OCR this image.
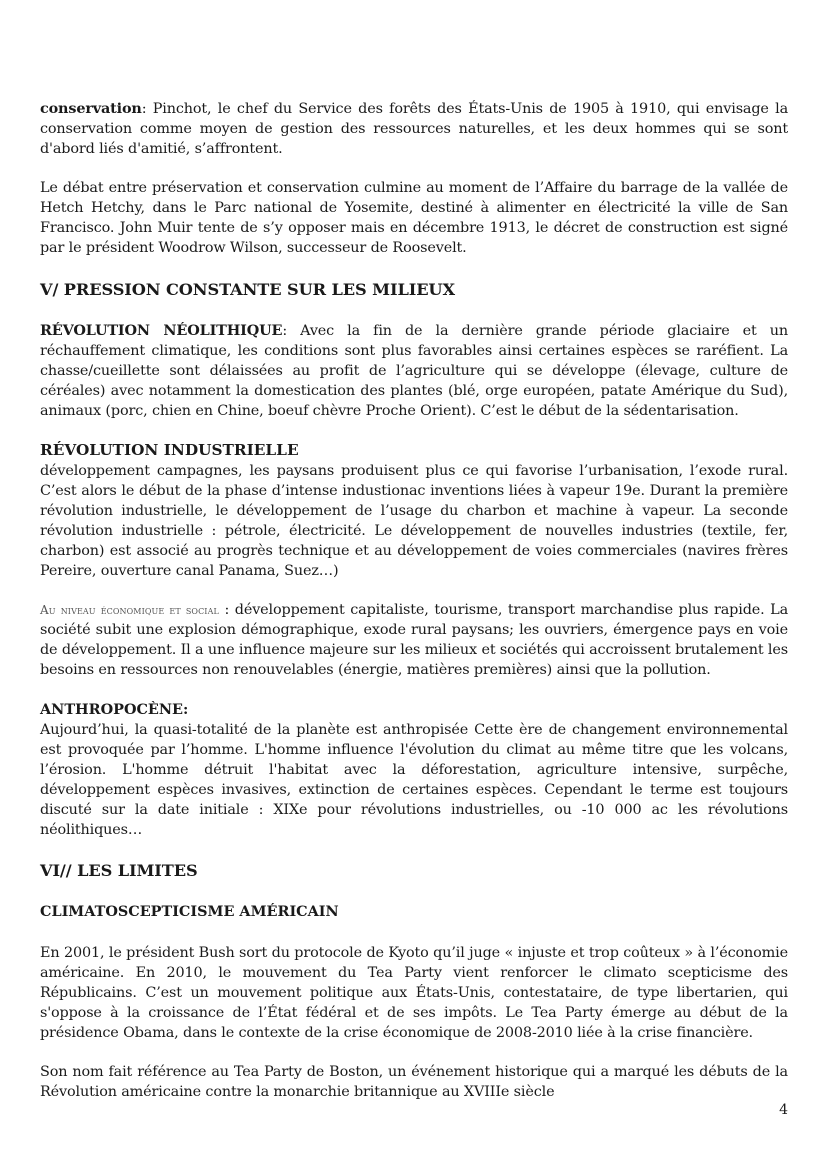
conservation: Pinchot, le chef du Service des forêts des États-Unis de 1905 à 1910, qui envisage la conservation comme moyen de gestion des ressources naturelles, et les deux hommes qui se sont d'abord liés d'amitié, s’affrontent.

Le débat entre préservation et conservation culmine au moment de l’Affaire du barrage de la vallée de Hetch Hetchy, dans le Parc national de Yosemite, destiné à alimenter en électricité la ville de San Francisco. John Muir tente de s’y opposer mais en décembre 1913, le décret de construction est signé par le président Woodrow Wilson, successeur de Roosevelt.

V/ PRESSION CONSTANTE SUR LES MILIEUX

RÉVOLUTION NÉOLITHIQUE: Avec la fin de la dernière grande période glaciaire et un réchauffement climatique, les conditions sont plus favorables ainsi certaines espèces se raréfient. La chasse/cueillette sont délaissées au profit de l’agriculture qui se développe (élevage, culture de céréales) avec notamment la domestication des plantes (blé, orge européen, patate Amérique du Sud), animaux (porc, chien en Chine, boeuf chèvre Proche Orient). C’est le début de la sédentarisation.

RÉVOLUTION INDUSTRIELLE

développement campagnes, les paysans produisent plus ce qui favorise l’urbanisation, l’exode rural. C’est alors le début de la phase d’intense industionac inventions liées à vapeur 19e. Durant la première révolution industrielle, le développement de l’usage du charbon et machine à vapeur. La seconde révolution industrielle : pétrole, électricité. Le développement de nouvelles industries (textile, fer, charbon) est associé au progrès technique et au développement de voies commerciales (navires frères Pereire, ouverture canal Panama, Suez…)

Au niveau économique et social : développement capitaliste, tourisme, transport marchandise plus rapide. La société subit une explosion démographique, exode rural paysans; les ouvriers, émergence pays en voie de développement. Il a une influence majeure sur les milieux et sociétés qui accroissent brutalement les besoins en ressources non renouvelables (énergie, matières premières) ainsi que la pollution.

ANTHROPOCÈNE:

Aujourd’hui, la quasi-totalité de la planète est anthropisée Cette ère de changement environnemental est provoquée par l’homme. L'homme influence l'évolution du climat au même titre que les volcans, l’érosion. L'homme détruit l'habitat avec la déforestation, agriculture intensive, surpêche, développement espèces invasives, extinction de certaines espèces. Cependant le terme est toujours discuté sur la date initiale : XIXe pour révolutions industrielles, ou -10 000 ac les révolutions néolithiques…

VI// LES LIMITES
CLIMATOSCEPTICISME AMÉRICAIN

En 2001, le président Bush sort du protocole de Kyoto qu’il juge « injuste et trop coûteux » à l’économie américaine. En 2010, le mouvement du Tea Party vient renforcer le climato scepticisme des Républicains. C’est un mouvement politique aux États-Unis, contestataire, de type libertarien, qui s'oppose à la croissance de l’État fédéral et de ses impôts. Le Tea Party émerge au début de la présidence Obama, dans le contexte de la crise économique de 2008-2010 liée à la crise financière.

Son nom fait référence au Tea Party de Boston, un événement historique qui a marqué les débuts de la Révolution américaine contre la monarchie britannique au XVIIIe siècle

4
